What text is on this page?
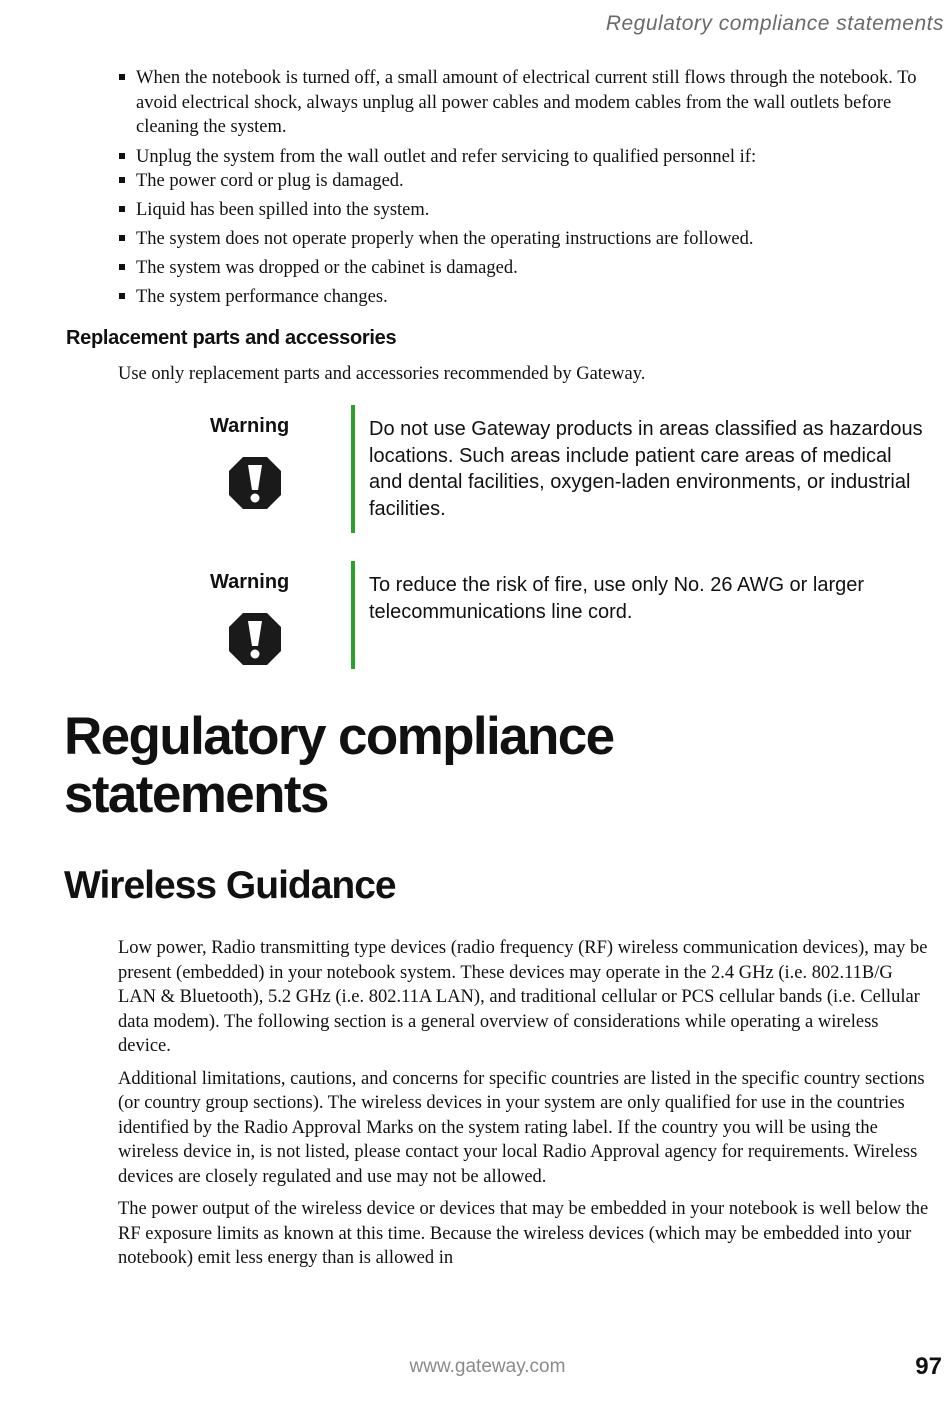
Regulatory compliance statements
When the notebook is turned off, a small amount of electrical current still flows through the notebook. To avoid electrical shock, always unplug all power cables and modem cables from the wall outlets before cleaning the system.
Unplug the system from the wall outlet and refer servicing to qualified personnel if:
The power cord or plug is damaged.
Liquid has been spilled into the system.
The system does not operate properly when the operating instructions are followed.
The system was dropped or the cabinet is damaged.
The system performance changes.
Replacement parts and accessories
Use only replacement parts and accessories recommended by Gateway.
Warning	Do not use Gateway products in areas classified as hazardous locations. Such areas include patient care areas of medical and dental facilities, oxygen-laden environments, or industrial facilities.
Warning	To reduce the risk of fire, use only No. 26 AWG or larger telecommunications line cord.
Regulatory compliance statements
Wireless Guidance

Low power, Radio transmitting type devices (radio frequency (RF) wireless communication devices), may be present (embedded) in your notebook system. These devices may operate in the 2.4 GHz (i.e. 802.11B/G LAN & Bluetooth), 5.2 GHz (i.e. 802.11A LAN), and traditional cellular or PCS cellular bands (i.e. Cellular data modem). The following section is a general overview of considerations while operating a wireless device.

Additional limitations, cautions, and concerns for specific countries are listed in the specific country sections (or country group sections). The wireless devices in your system are only qualified for use in the countries identified by the Radio Approval Marks on the system rating label. If the country you will be using the wireless device in, is not listed, please contact your local Radio Approval agency for requirements. Wireless devices are closely regulated and use may not be allowed.

The power output of the wireless device or devices that may be embedded in your notebook is well below the RF exposure limits as known at this time. Because the wireless devices (which may be embedded into your notebook) emit less energy than is allowed in

www.gateway.com	97
